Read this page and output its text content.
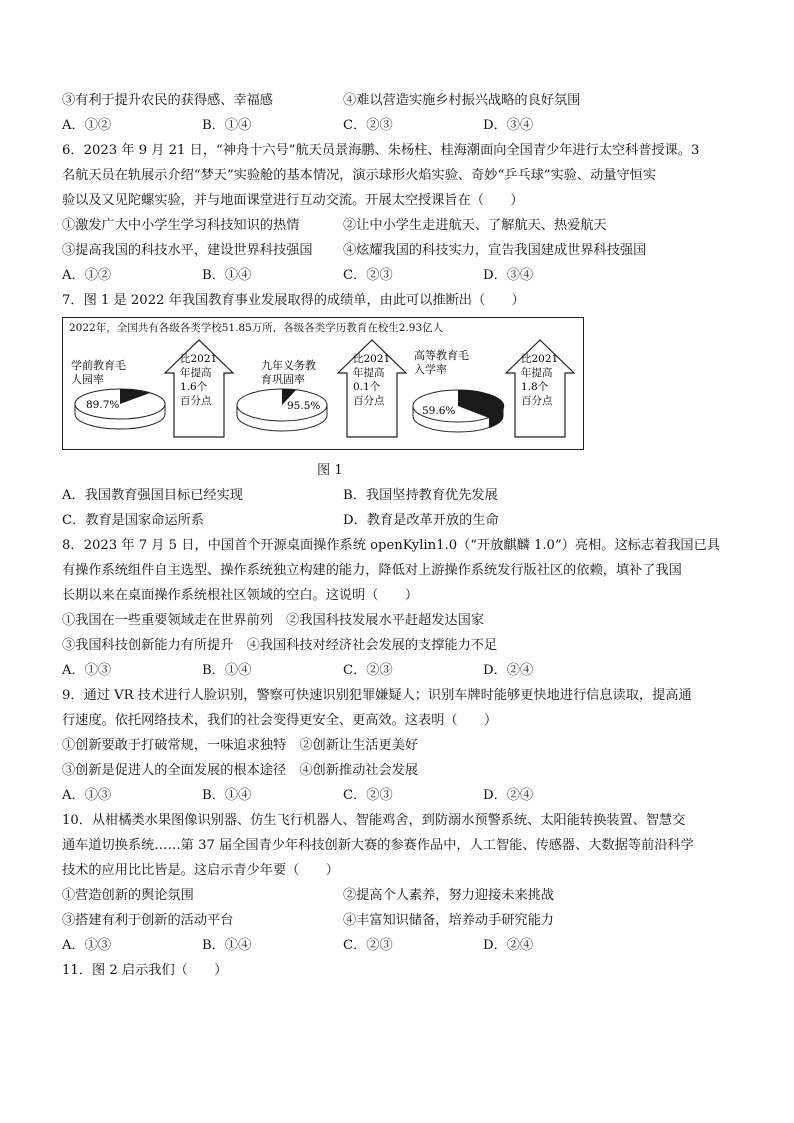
③有利于提升农民的获得感、幸福感	④难以营造实施乡村振兴战略的良好氛围
A．①②	B．①④	C．②③	D．③④
6．2023 年 9 月 21 日，“神舟十六号”航天员景海鹏、朱杨柱、桂海潮面向全国青少年进行太空科普授课。3
名航天员在轨展示介绍“梦天”实验舱的基本情况，演示球形火焰实验、奇妙“乒乓球”实验、动量守恒实
验以及又见陀螺实验，并与地面课堂进行互动交流。开展太空授课旨在（　　）
①激发广大中小学生学习科技知识的热情	②让中小学生走进航天、了解航天、热爱航天
③提高我国的科技水平，建设世界科技强国 ④炫耀我国的科技实力，宣告我国建成世界科技强国
A．①②	B．①④	C．②③	D．③④
7．图 1 是 2022 年我国教育事业发展取得的成绩单，由此可以推断出（　　）
2022年，全国共有各级各类学校51.85万所，各级各类学历教育在校生2.93亿人
学前教育毛
人园率
89.7%
比2021
年提高
1.6个
百分点
九年义务教
育巩固率
95.5%
比2021
年提高
0.1个
百分点
高等教育毛
入学率
59.6%
比2021
年提高
1.8个
百分点
图 1
A．我国教育强国目标已经实现	B．我国坚持教育优先发展
C．教育是国家命运所系	D．教育是改革开放的生命
8．2023 年 7 月 5 日，中国首个开源桌面操作系统 openKylin1.0（“开放麒麟 1.0”）亮相。这标志着我国已具
有操作系统组件自主选型、操作系统独立构建的能力，降低对上游操作系统发行版社区的依赖，填补了我国
长期以来在桌面操作系统根社区领域的空白。这说明（　　）
①我国在一些重要领域走在世界前列　②我国科技发展水平赶超发达国家
③我国科技创新能力有所提升　④我国科技对经济社会发展的支撑能力不足
A．①③	B．①④	C．②③	D．②④
9．通过 VR 技术进行人脸识别，警察可快速识别犯罪嫌疑人；识别车牌时能够更快地进行信息读取，提高通
行速度。依托网络技术，我们的社会变得更安全、更高效。这表明（　　）
①创新要敢于打破常规，一味追求独特　②创新让生活更美好
③创新是促进人的全面发展的根本途径　④创新推动社会发展
A．①③	B．①④	C．②③	D．②④
10．从柑橘类水果图像识别器、仿生飞行机器人、智能鸡舍，到防溺水预警系统、太阳能转换装置、智慧交
通车道切换系统……第 37 届全国青少年科技创新大赛的参赛作品中，人工智能、传感器、大数据等前沿科学
技术的应用比比皆是。这启示青少年要（　　）
①营造创新的舆论氛围	②提高个人素养，努力迎接未来挑战
③搭建有利于创新的活动平台	④丰富知识储备，培养动手研究能力
A．①③	B．①④	C．②③	D．②④
11．图 2 启示我们（　　）
